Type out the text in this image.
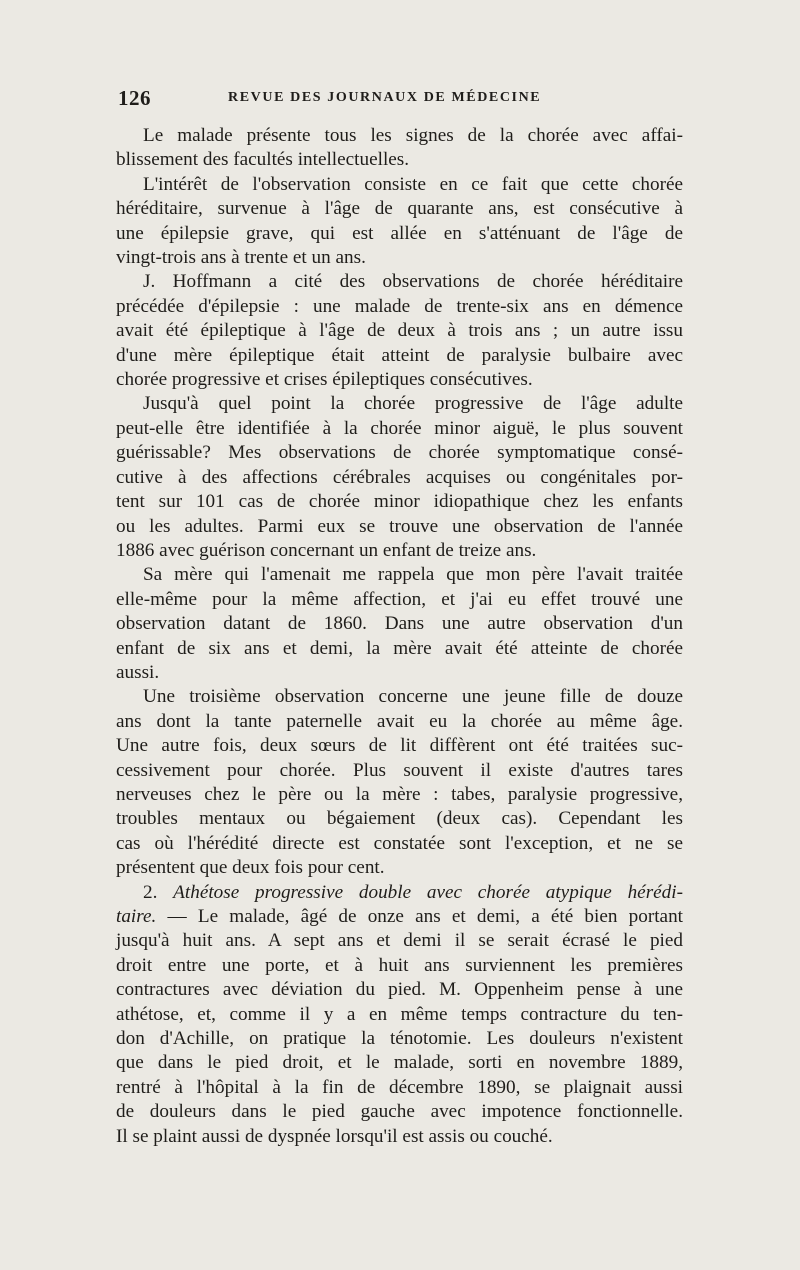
126	REVUE DES JOURNAUX DE MÉDECINE
Le malade présente tous les signes de la chorée avec affai-
blissement des facultés intellectuelles.
L'intérêt de l'observation consiste en ce fait que cette chorée
héréditaire, survenue à l'âge de quarante ans, est consécutive à
une épilepsie grave, qui est allée en s'atténuant de l'âge de
vingt-trois ans à trente et un ans.
J. Hoffmann a cité des observations de chorée héréditaire
précédée d'épilepsie : une malade de trente-six ans en démence
avait été épileptique à l'âge de deux à trois ans ; un autre issu
d'une mère épileptique était atteint de paralysie bulbaire avec
chorée progressive et crises épileptiques consécutives.
Jusqu'à quel point la chorée progressive de l'âge adulte
peut-elle être identifiée à la chorée minor aiguë, le plus souvent
guérissable? Mes observations de chorée symptomatique consé-
cutive à des affections cérébrales acquises ou congénitales por-
tent sur 101 cas de chorée minor idiopathique chez les enfants
ou les adultes. Parmi eux se trouve une observation de l'année
1886 avec guérison concernant un enfant de treize ans.
Sa mère qui l'amenait me rappela que mon père l'avait traitée
elle-même pour la même affection, et j'ai eu effet trouvé une
observation datant de 1860. Dans une autre observation d'un
enfant de six ans et demi, la mère avait été atteinte de chorée
aussi.
Une troisième observation concerne une jeune fille de douze
ans dont la tante paternelle avait eu la chorée au même âge.
Une autre fois, deux sœurs de lit diffèrent ont été traitées suc-
cessivement pour chorée. Plus souvent il existe d'autres tares
nerveuses chez le père ou la mère : tabes, paralysie progressive,
troubles mentaux ou bégaiement (deux cas). Cependant les
cas où l'hérédité directe est constatée sont l'exception, et ne se
présentent que deux fois pour cent.
2. Athétose progressive double avec chorée atypique hérédi-
taire. — Le malade, âgé de onze ans et demi, a été bien portant
jusqu'à huit ans. A sept ans et demi il se serait écrasé le pied
droit entre une porte, et à huit ans surviennent les premières
contractures avec déviation du pied. M. Oppenheim pense à une
athétose, et, comme il y a en même temps contracture du ten-
don d'Achille, on pratique la ténotomie. Les douleurs n'existent
que dans le pied droit, et le malade, sorti en novembre 1889,
rentré à l'hôpital à la fin de décembre 1890, se plaignait aussi
de douleurs dans le pied gauche avec impotence fonctionnelle.
Il se plaint aussi de dyspnée lorsqu'il est assis ou couché.
